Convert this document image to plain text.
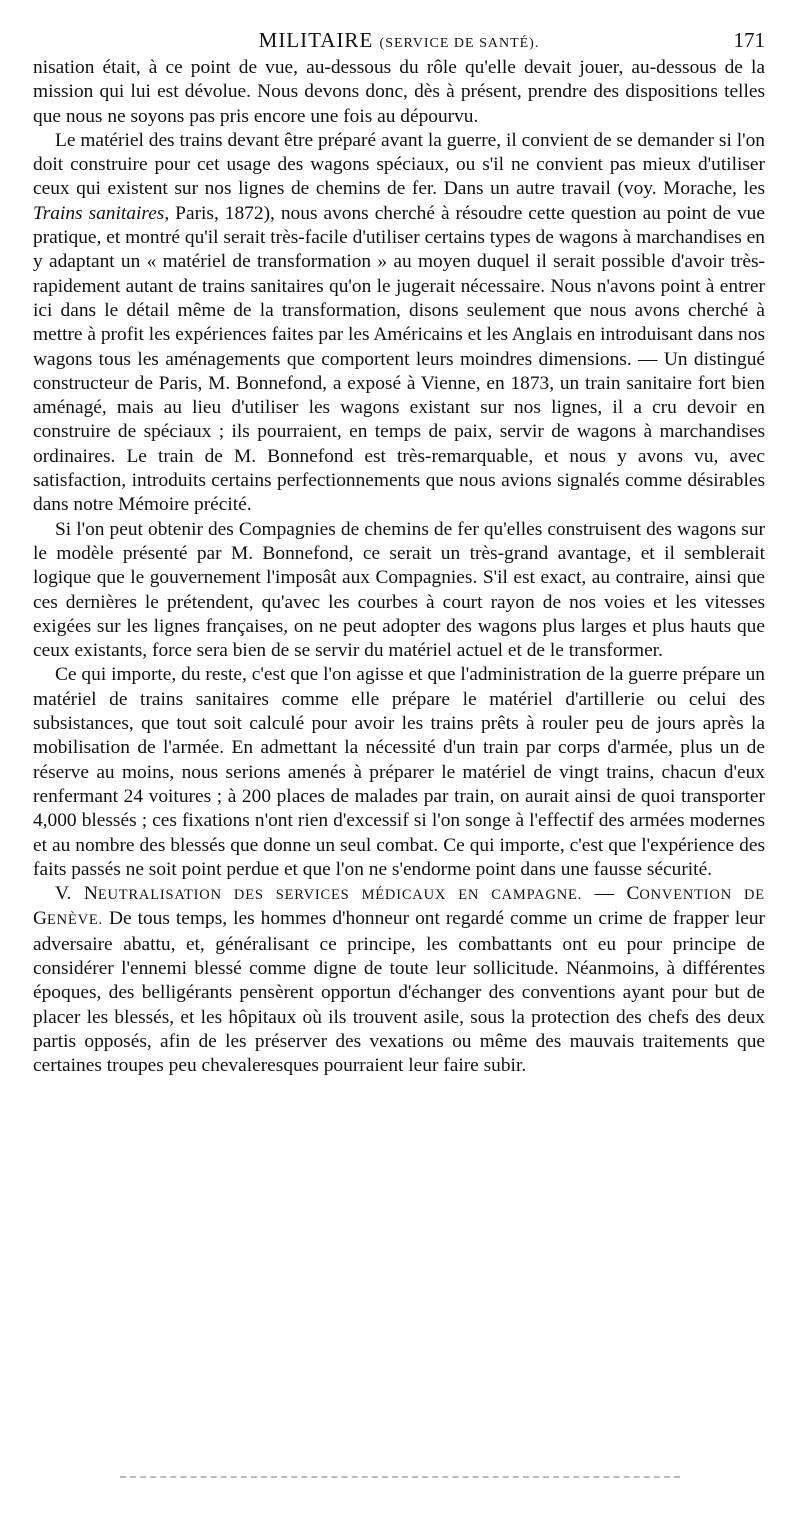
MILITAIRE (SERVICE DE SANTÉ).	171

nisation était, à ce point de vue, au-dessous du rôle qu'elle devait jouer, au-dessous de la mission qui lui est dévolue. Nous devons donc, dès à présent, prendre des dispositions telles que nous ne soyons pas pris encore une fois au dépourvu.

Le matériel des trains devant être préparé avant la guerre, il convient de se demander si l'on doit construire pour cet usage des wagons spéciaux, ou s'il ne convient pas mieux d'utiliser ceux qui existent sur nos lignes de chemins de fer. Dans un autre travail (voy. Morache, les Trains sanitaires, Paris, 1872), nous avons cherché à résoudre cette question au point de vue pratique, et montré qu'il serait très-facile d'utiliser certains types de wagons à marchandises en y adaptant un « matériel de transformation » au moyen duquel il serait possible d'avoir très-rapidement autant de trains sanitaires qu'on le jugerait nécessaire. Nous n'avons point à entrer ici dans le détail même de la transformation, disons seulement que nous avons cherché à mettre à profit les expériences faites par les Américains et les Anglais en introduisant dans nos wagons tous les aménagements que comportent leurs moindres dimensions. — Un distingué constructeur de Paris, M. Bonnefond, a exposé à Vienne, en 1873, un train sanitaire fort bien aménagé, mais au lieu d'utiliser les wagons existant sur nos lignes, il a cru devoir en construire de spéciaux ; ils pourraient, en temps de paix, servir de wagons à marchandises ordinaires. Le train de M. Bonnefond est très-remarquable, et nous y avons vu, avec satisfaction, introduits certains perfectionnements que nous avions signalés comme désirables dans notre Mémoire précité.

Si l'on peut obtenir des Compagnies de chemins de fer qu'elles construisent des wagons sur le modèle présenté par M. Bonnefond, ce serait un très-grand avantage, et il semblerait logique que le gouvernement l'imposât aux Compagnies. S'il est exact, au contraire, ainsi que ces dernières le prétendent, qu'avec les courbes à court rayon de nos voies et les vitesses exigées sur les lignes françaises, on ne peut adopter des wagons plus larges et plus hauts que ceux existants, force sera bien de se servir du matériel actuel et de le transformer.

Ce qui importe, du reste, c'est que l'on agisse et que l'administration de la guerre prépare un matériel de trains sanitaires comme elle prépare le matériel d'artillerie ou celui des subsistances, que tout soit calculé pour avoir les trains prêts à rouler peu de jours après la mobilisation de l'armée. En admettant la nécessité d'un train par corps d'armée, plus un de réserve au moins, nous serions amenés à préparer le matériel de vingt trains, chacun d'eux renfermant 24 voitures ; à 200 places de malades par train, on aurait ainsi de quoi transporter 4,000 blessés ; ces fixations n'ont rien d'excessif si l'on songe à l'effectif des armées modernes et au nombre des blessés que donne un seul combat. Ce qui importe, c'est que l'expérience des faits passés ne soit point perdue et que l'on ne s'endorme point dans une fausse sécurité.

V. NEUTRALISATION DES SERVICES MÉDICAUX EN CAMPAGNE. — CONVENTION DE GENÈVE. De tous temps, les hommes d'honneur ont regardé comme un crime de frapper leur adversaire abattu, et, généralisant ce principe, les combattants ont eu pour principe de considérer l'ennemi blessé comme digne de toute leur sollicitude. Néanmoins, à différentes époques, des belligérants pensèrent opportun d'échanger des conventions ayant pour but de placer les blessés, et les hôpitaux où ils trouvent asile, sous la protection des chefs des deux partis opposés, afin de les préserver des vexations ou même des mauvais traitements que certaines troupes peu chevaleresques pourraient leur faire subir.
